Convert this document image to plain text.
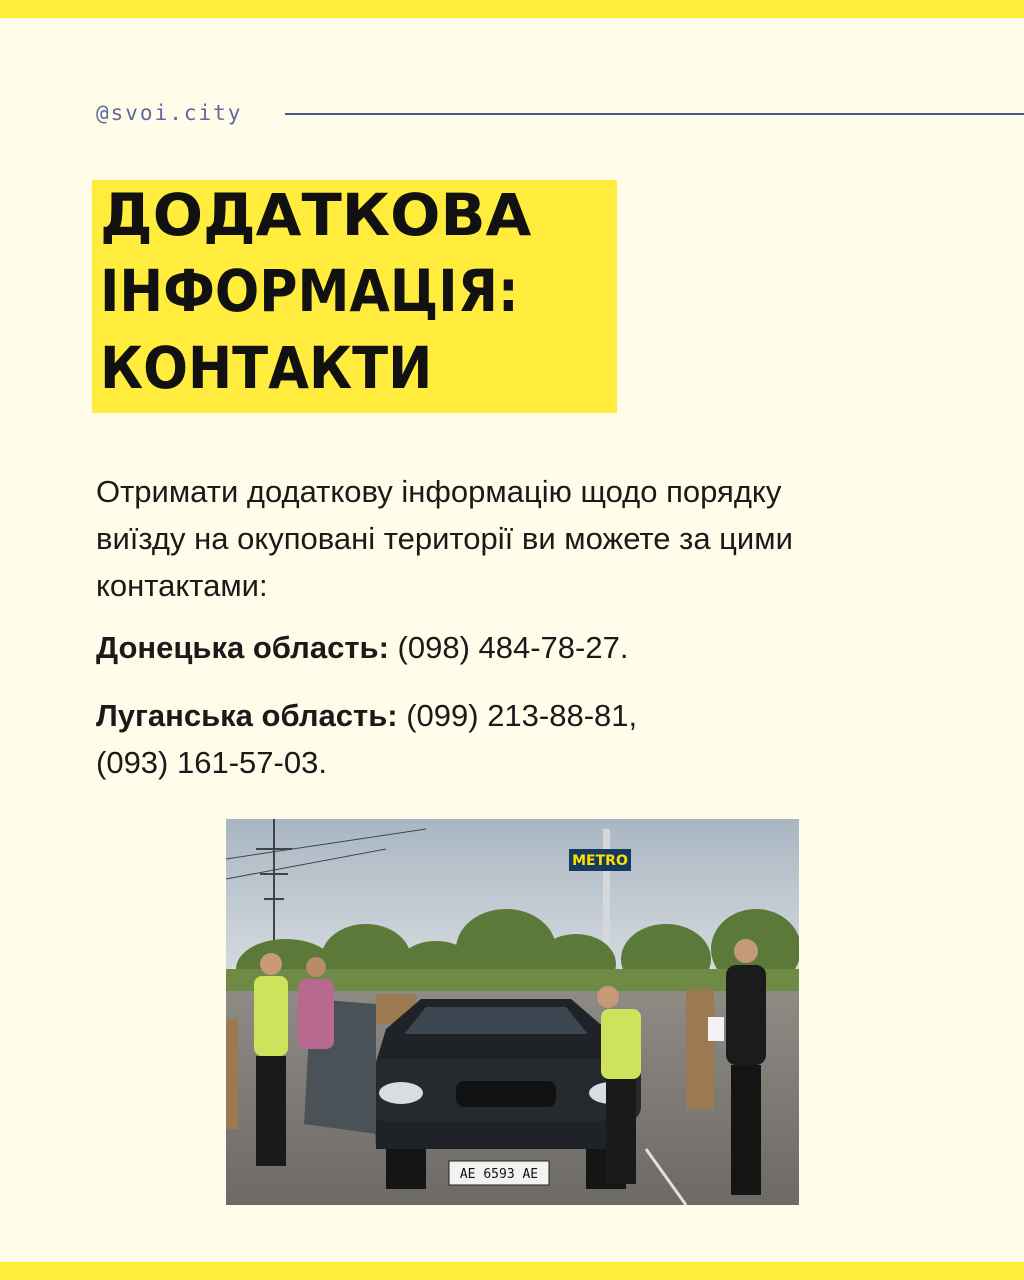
@svoi.city
ДОДАТКОВА
ІНФОРМАЦІЯ:
КОНТАКТИ
Отримати додаткову інформацію щодо порядку
виїзду на окуповані території ви можете за цими
контактами:
Донецька область: (098) 484-78-27.
Луганська область: (099) 213-88-81,
(093) 161-57-03.
METRO
AE 6593 AE
